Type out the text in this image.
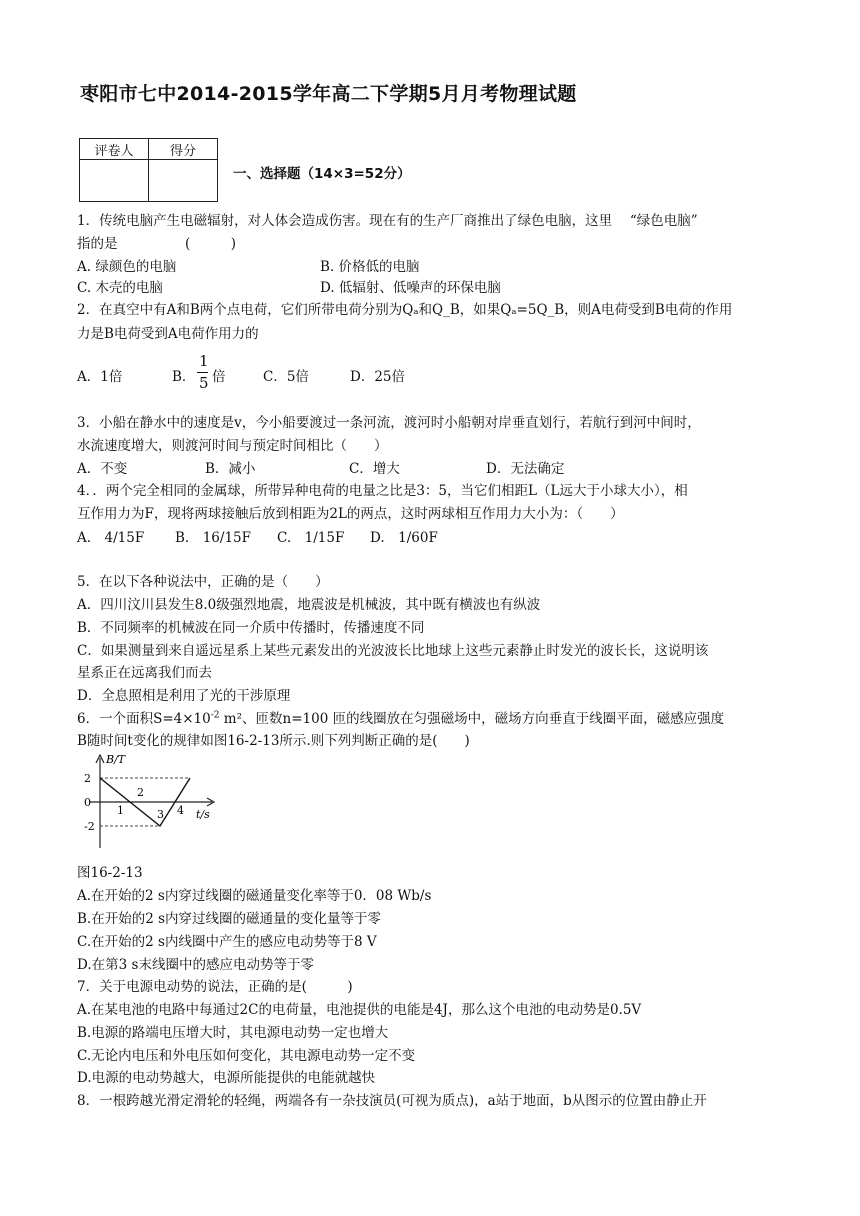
枣阳市七中2014-2015学年高二下学期5月月考物理试题
评卷人	得分

一、选择题（14×3=52分）
1．传统电脑产生电磁辐射，对人体会造成伤害。现在有的生产厂商推出了绿色电脑，这里 　“绿色电脑”
指的是　　　　　(　　　)
A. 绿颜色的电脑	B. 价格低的电脑
C. 木壳的电脑	D. 低辐射、低噪声的环保电脑
2．在真空中有A和B两个点电荷，它们所带电荷分别为Qₐ和Q_B，如果Qₐ=5Q_B，则A电荷受到B电荷的作用
力是B电荷受到A电荷作用力的
A．1倍	B．
1
5 倍	C．5倍	D．25倍
3．小船在静水中的速度是v，今小船要渡过一条河流，渡河时小船朝对岸垂直划行，若航行到河中间时，
水流速度增大，则渡河时间与预定时间相比（　　）
A．不变	B．减小	C．增大	D．无法确定
4．．两个完全相同的金属球，所带异种电荷的电量之比是3：5，当它们相距L（L远大于小球大小），相
互作用力为F，现将两球接触后放到相距为2L的两点，这时两球相互作用力大小为：（　　）
A.　4/15F B.　16/15F C.　1/15F D.　1/60F
5．在以下各种说法中，正确的是（　　）
A．四川汶川县发生8.0级强烈地震，地震波是机械波，其中既有横波也有纵波
B．不同频率的机械波在同一介质中传播时，传播速度不同
C．如果测量到来自遥远星系上某些元素发出的光波波长比地球上这些元素静止时发光的波长长，这说明该
星系正在远离我们而去
D．全息照相是利用了光的干涉原理
6．一个面积$S=4\times 10^{-2}$ m²、匝数n=100 匝的线圈放在匀强磁场中，磁场方向垂直于线圈平面，磁感应强度
B随时间t变化的规律如图16-2-13所示.则下列判断正确的是(　　)
2
0
-2
1
2
3 4
B/T
t/s
图16-2-13
A.在开始的2 s内穿过线圈的磁通量变化率等于0．08 Wb/s
B.在开始的2 s内穿过线圈的磁通量的变化量等于零
C.在开始的2 s内线圈中产生的感应电动势等于8 V
D.在第3 s末线圈中的感应电动势等于零
7．关于电源电动势的说法，正确的是(　　　)
A.在某电池的电路中每通过2C的电荷量，电池提供的电能是4J，那么这个电池的电动势是0.5V
B.电源的路端电压增大时，其电源电动势一定也增大
C.无论内电压和外电压如何变化，其电源电动势一定不变
D.电源的电动势越大，电源所能提供的电能就越快
8．一根跨越光滑定滑轮的轻绳，两端各有一杂技演员(可视为质点)，a站于地面，b从图示的位置由静止开
